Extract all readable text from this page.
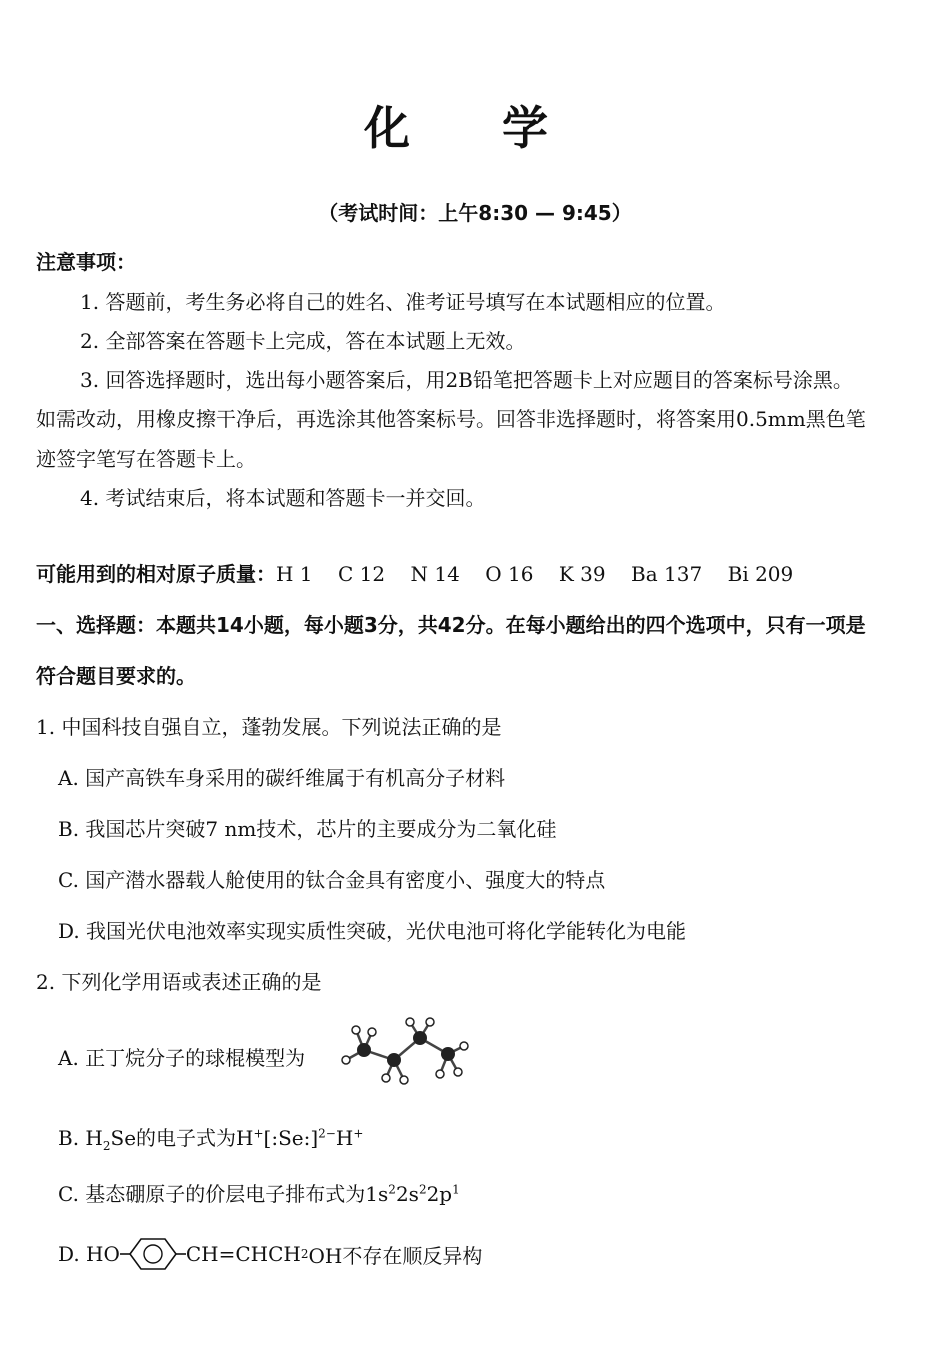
化 学
（考试时间：上午8:30 — 9:45）
注意事项：
1. 答题前，考生务必将自己的姓名、准考证号填写在本试题相应的位置。
2. 全部答案在答题卡上完成，答在本试题上无效。
3. 回答选择题时，选出每小题答案后，用2B铅笔把答题卡上对应题目的答案标号涂黑。
如需改动，用橡皮擦干净后，再选涂其他答案标号。回答非选择题时，将答案用0.5mm黑色笔
迹签字笔写在答题卡上。
4. 考试结束后，将本试题和答题卡一并交回。
可能用到的相对原子质量：H 1    C 12    N 14    O 16    K 39    Ba 137    Bi 209
一、选择题：本题共14小题，每小题3分，共42分。在每小题给出的四个选项中，只有一项是
符合题目要求的。
1. 中国科技自强自立，蓬勃发展。下列说法正确的是
A. 国产高铁车身采用的碳纤维属于有机高分子材料
B. 我国芯片突破7 nm技术，芯片的主要成分为二氧化硅
C. 国产潜水器载人舱使用的钛合金具有密度小、强度大的特点
D. 我国光伏电池效率实现实质性突破，光伏电池可将化学能转化为电能
2. 下列化学用语或表述正确的是
A. 正丁烷分子的球棍模型为
B. $H_2Se$的电子式为H+[:Se:]$^{2-}$H+
C. 基态硼原子的价层电子排布式为$1s^22s^22p^1$
D. HO	CH=CHCH 2 OH不存在顺反异构
